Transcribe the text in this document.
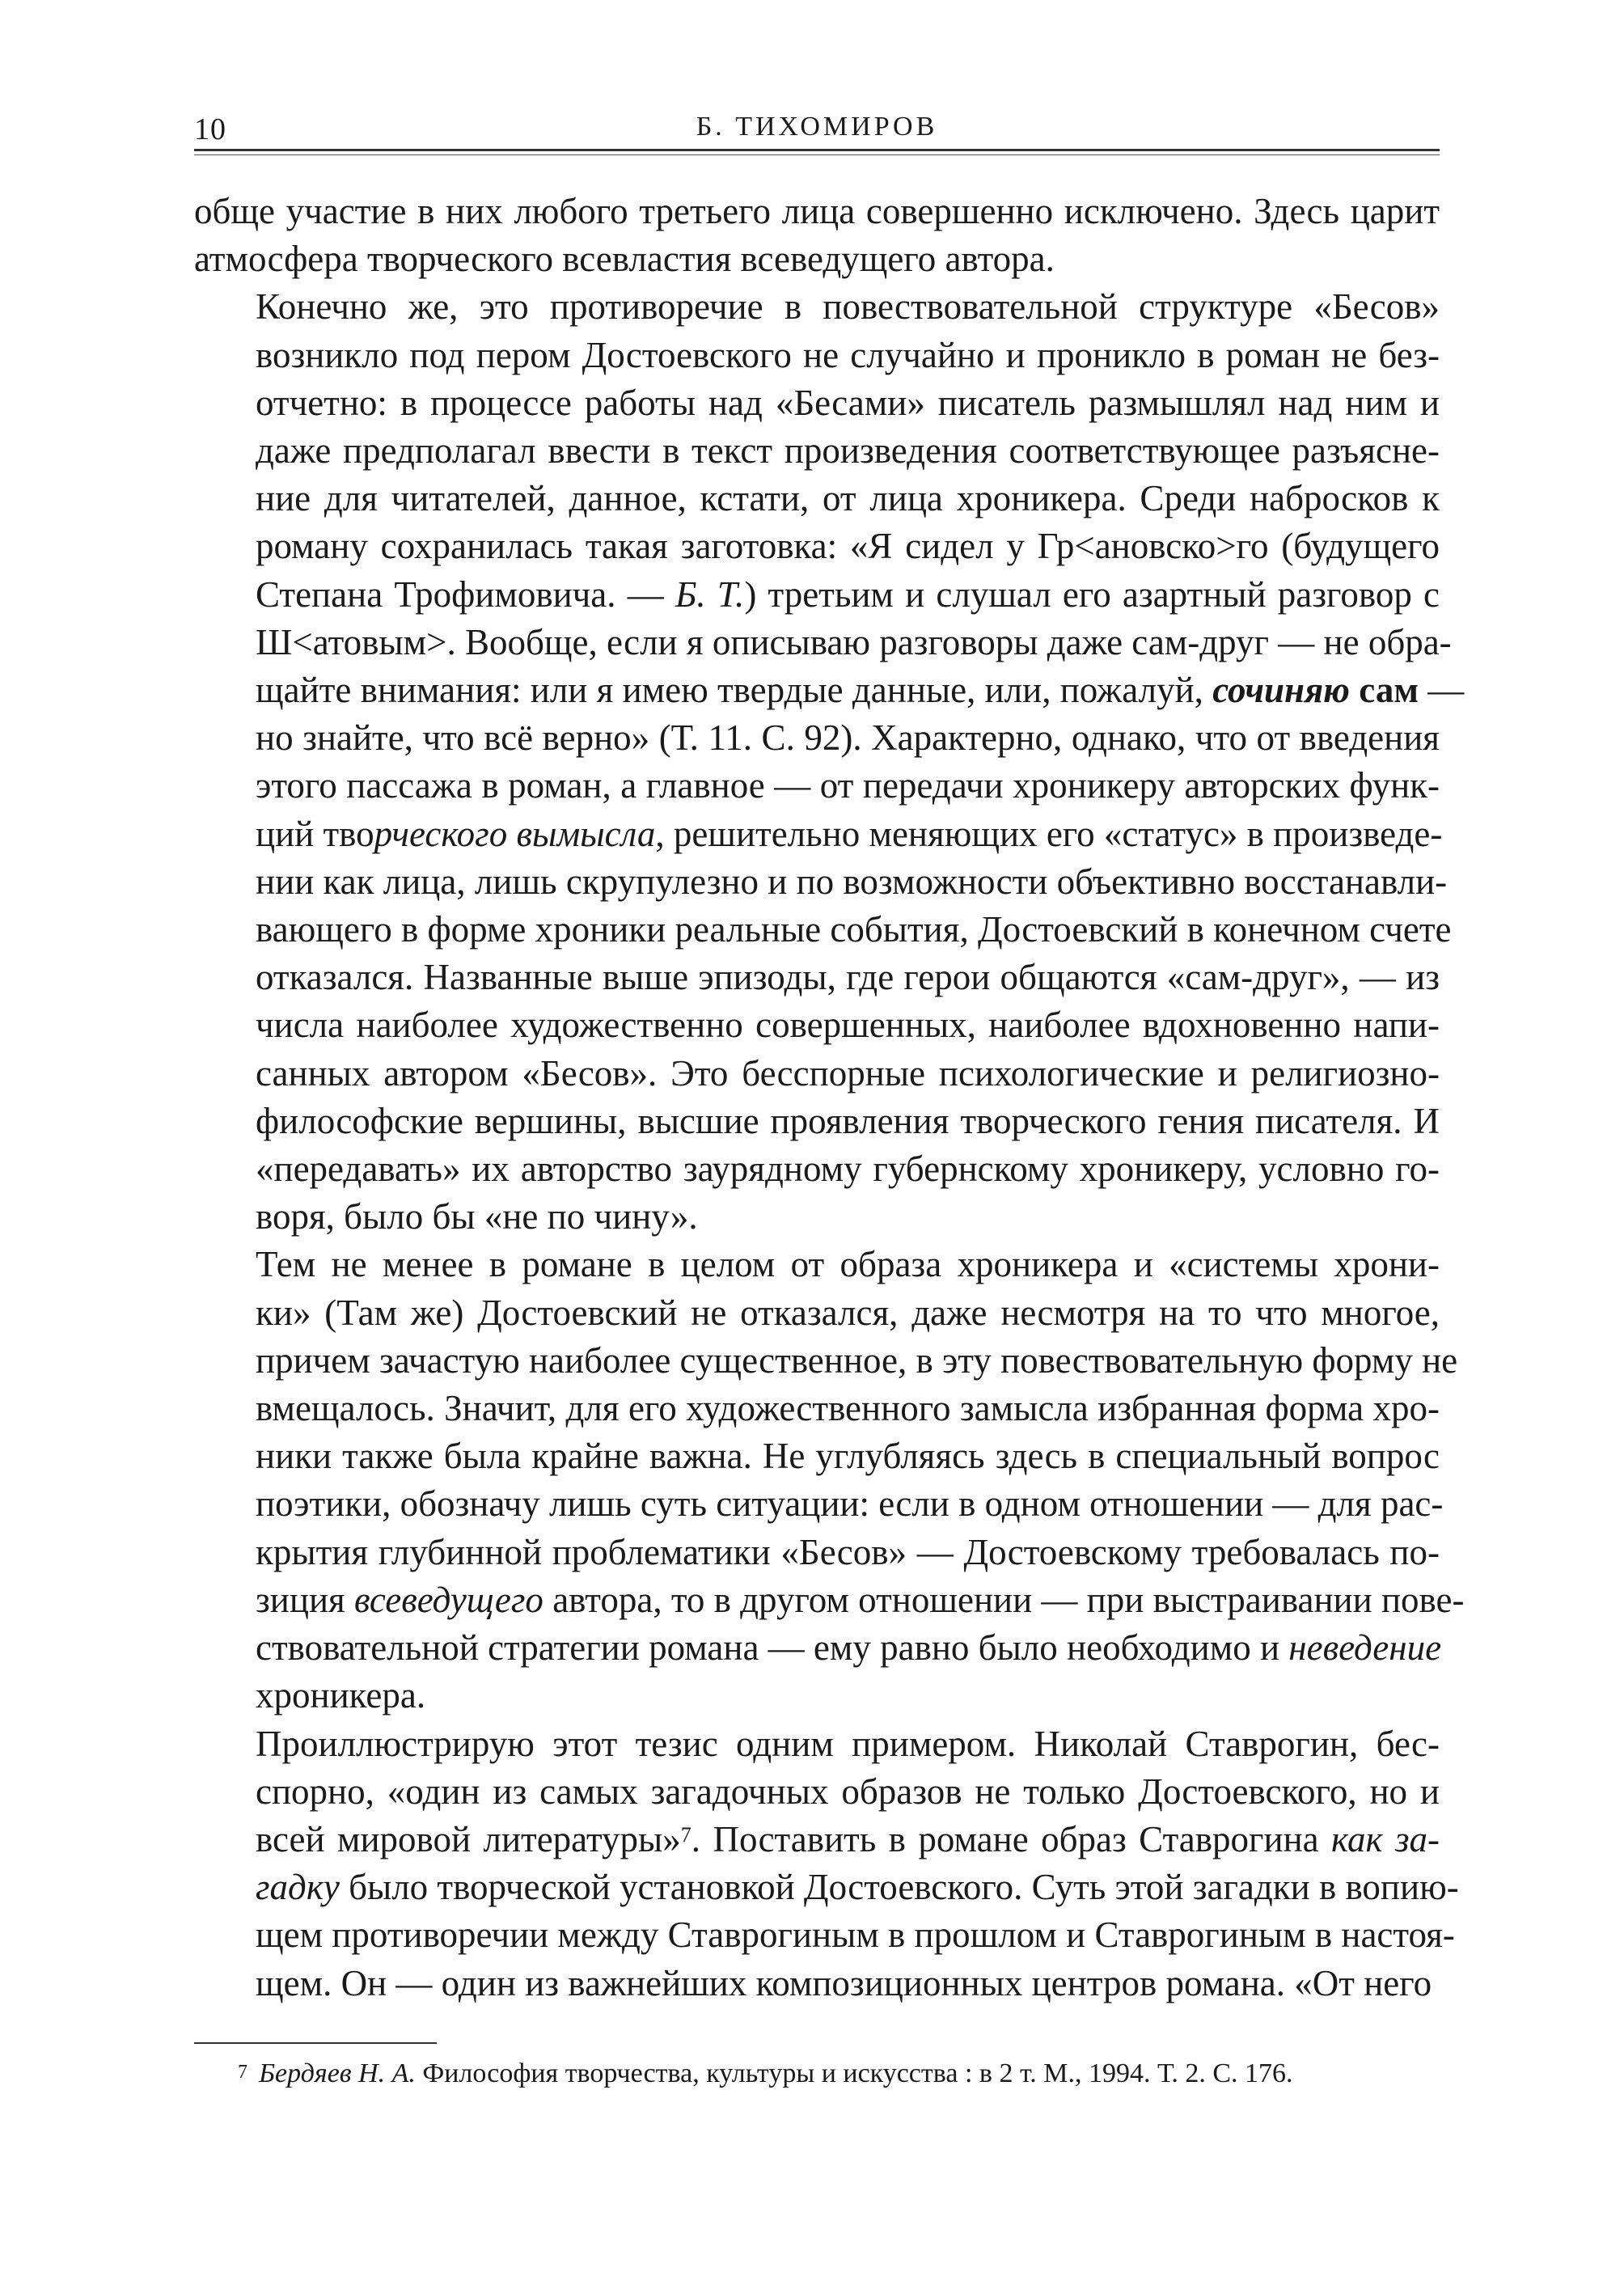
10	Б. ТИХОМИРОВ

обще участие в них любого третьего лица совершенно исключено. Здесь царит
атмосфера творческого всевластия всеведущего автора.

Конечно же, это противоречие в повествовательной структуре «Бесов»
возникло под пером Достоевского не случайно и проникло в роман не без-
отчетно: в процессе работы над «Бесами» писатель размышлял над ним и
даже предполагал ввести в текст произведения соответствующее разъясне-
ние для читателей, данное, кстати, от лица хроникера. Среди набросков к
роману сохранилась такая заготовка: «Я сидел у Гр<ановско>го (будущего
Степана Трофимовича. — Б. Т.) третьим и слушал его азартный разговор с
Ш<атовым>. Вообще, если я описываю разговоры даже сам-друг — не обра-
щайте внимания: или я имею твердые данные, или, пожалуй, сочиняю сам —
но знайте, что всё верно» (Т. 11. С. 92). Характерно, однако, что от введения
этого пассажа в роман, а главное — от передачи хроникеру авторских функ-
ций творческого вымысла, решительно меняющих его «статус» в произведе-
нии как лица, лишь скрупулезно и по возможности объективно восстанавли-
вающего в форме хроники реальные события, Достоевский в конечном счете
отказался. Названные выше эпизоды, где герои общаются «сам-друг», — из
числа наиболее художественно совершенных, наиболее вдохновенно напи-
санных автором «Бесов». Это бесспорные психологические и религиозно-
философские вершины, высшие проявления творческого гения писателя. И
«передавать» их авторство заурядному губернскому хроникеру, условно го-
воря, было бы «не по чину».

Тем не менее в романе в целом от образа хроникера и «системы хрони-
ки» (Там же) Достоевский не отказался, даже несмотря на то что многое,
причем зачастую наиболее существенное, в эту повествовательную форму не
вмещалось. Значит, для его художественного замысла избранная форма хро-
ники также была крайне важна. Не углубляясь здесь в специальный вопрос
поэтики, обозначу лишь суть ситуации: если в одном отношении — для рас-
крытия глубинной проблематики «Бесов» — Достоевскому требовалась по-
зиция всеведущего автора, то в другом отношении — при выстраивании пове-
ствовательной стратегии романа — ему равно было необходимо и неведение
хроникера.

Проиллюстрирую этот тезис одним примером. Николай Ставрогин, бес-
спорно, «один из самых загадочных образов не только Достоевского, но и
всей мировой литературы»$^7$. Поставить в романе образ Ставрогина как за-
гадку было творческой установкой Достоевского. Суть этой загадки в вопию-
щем противоречии между Ставрогиным в прошлом и Ставрогиным в настоя-
щем. Он — один из важнейших композиционных центров романа. «От него

$^7$ Бердяев Н. А. Философия творчества, культуры и искусства : в 2 т. М., 1994. Т. 2. С. 176.
